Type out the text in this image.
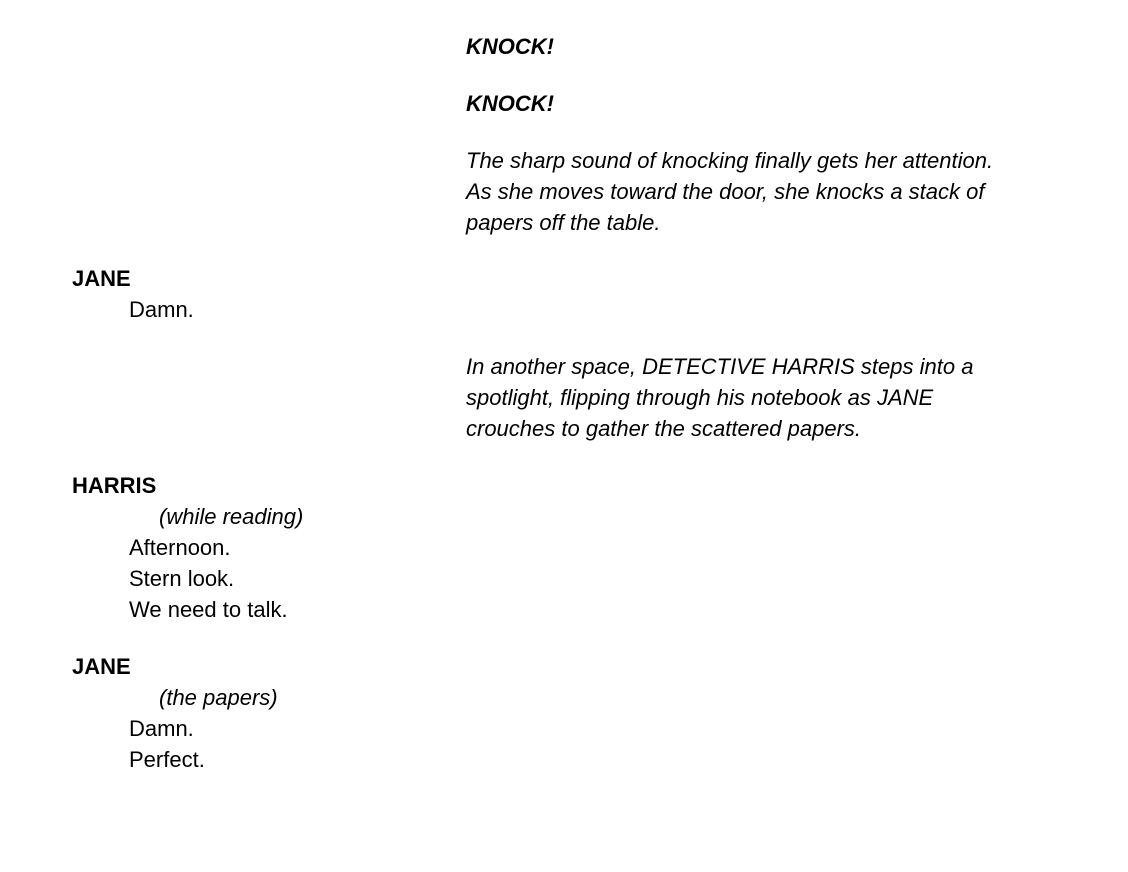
KNOCK!

KNOCK!

The sharp sound of knocking finally gets her attention.
As she moves toward the door, she knocks a stack of
papers off the table.

JANE

Damn.

In another space, DETECTIVE HARRIS steps into a
spotlight, flipping through his notebook as JANE
crouches to gather the scattered papers.

HARRIS

(while reading)

Afternoon.

Stern look.

We need to talk.

JANE

(the papers)

Damn.

Perfect.
